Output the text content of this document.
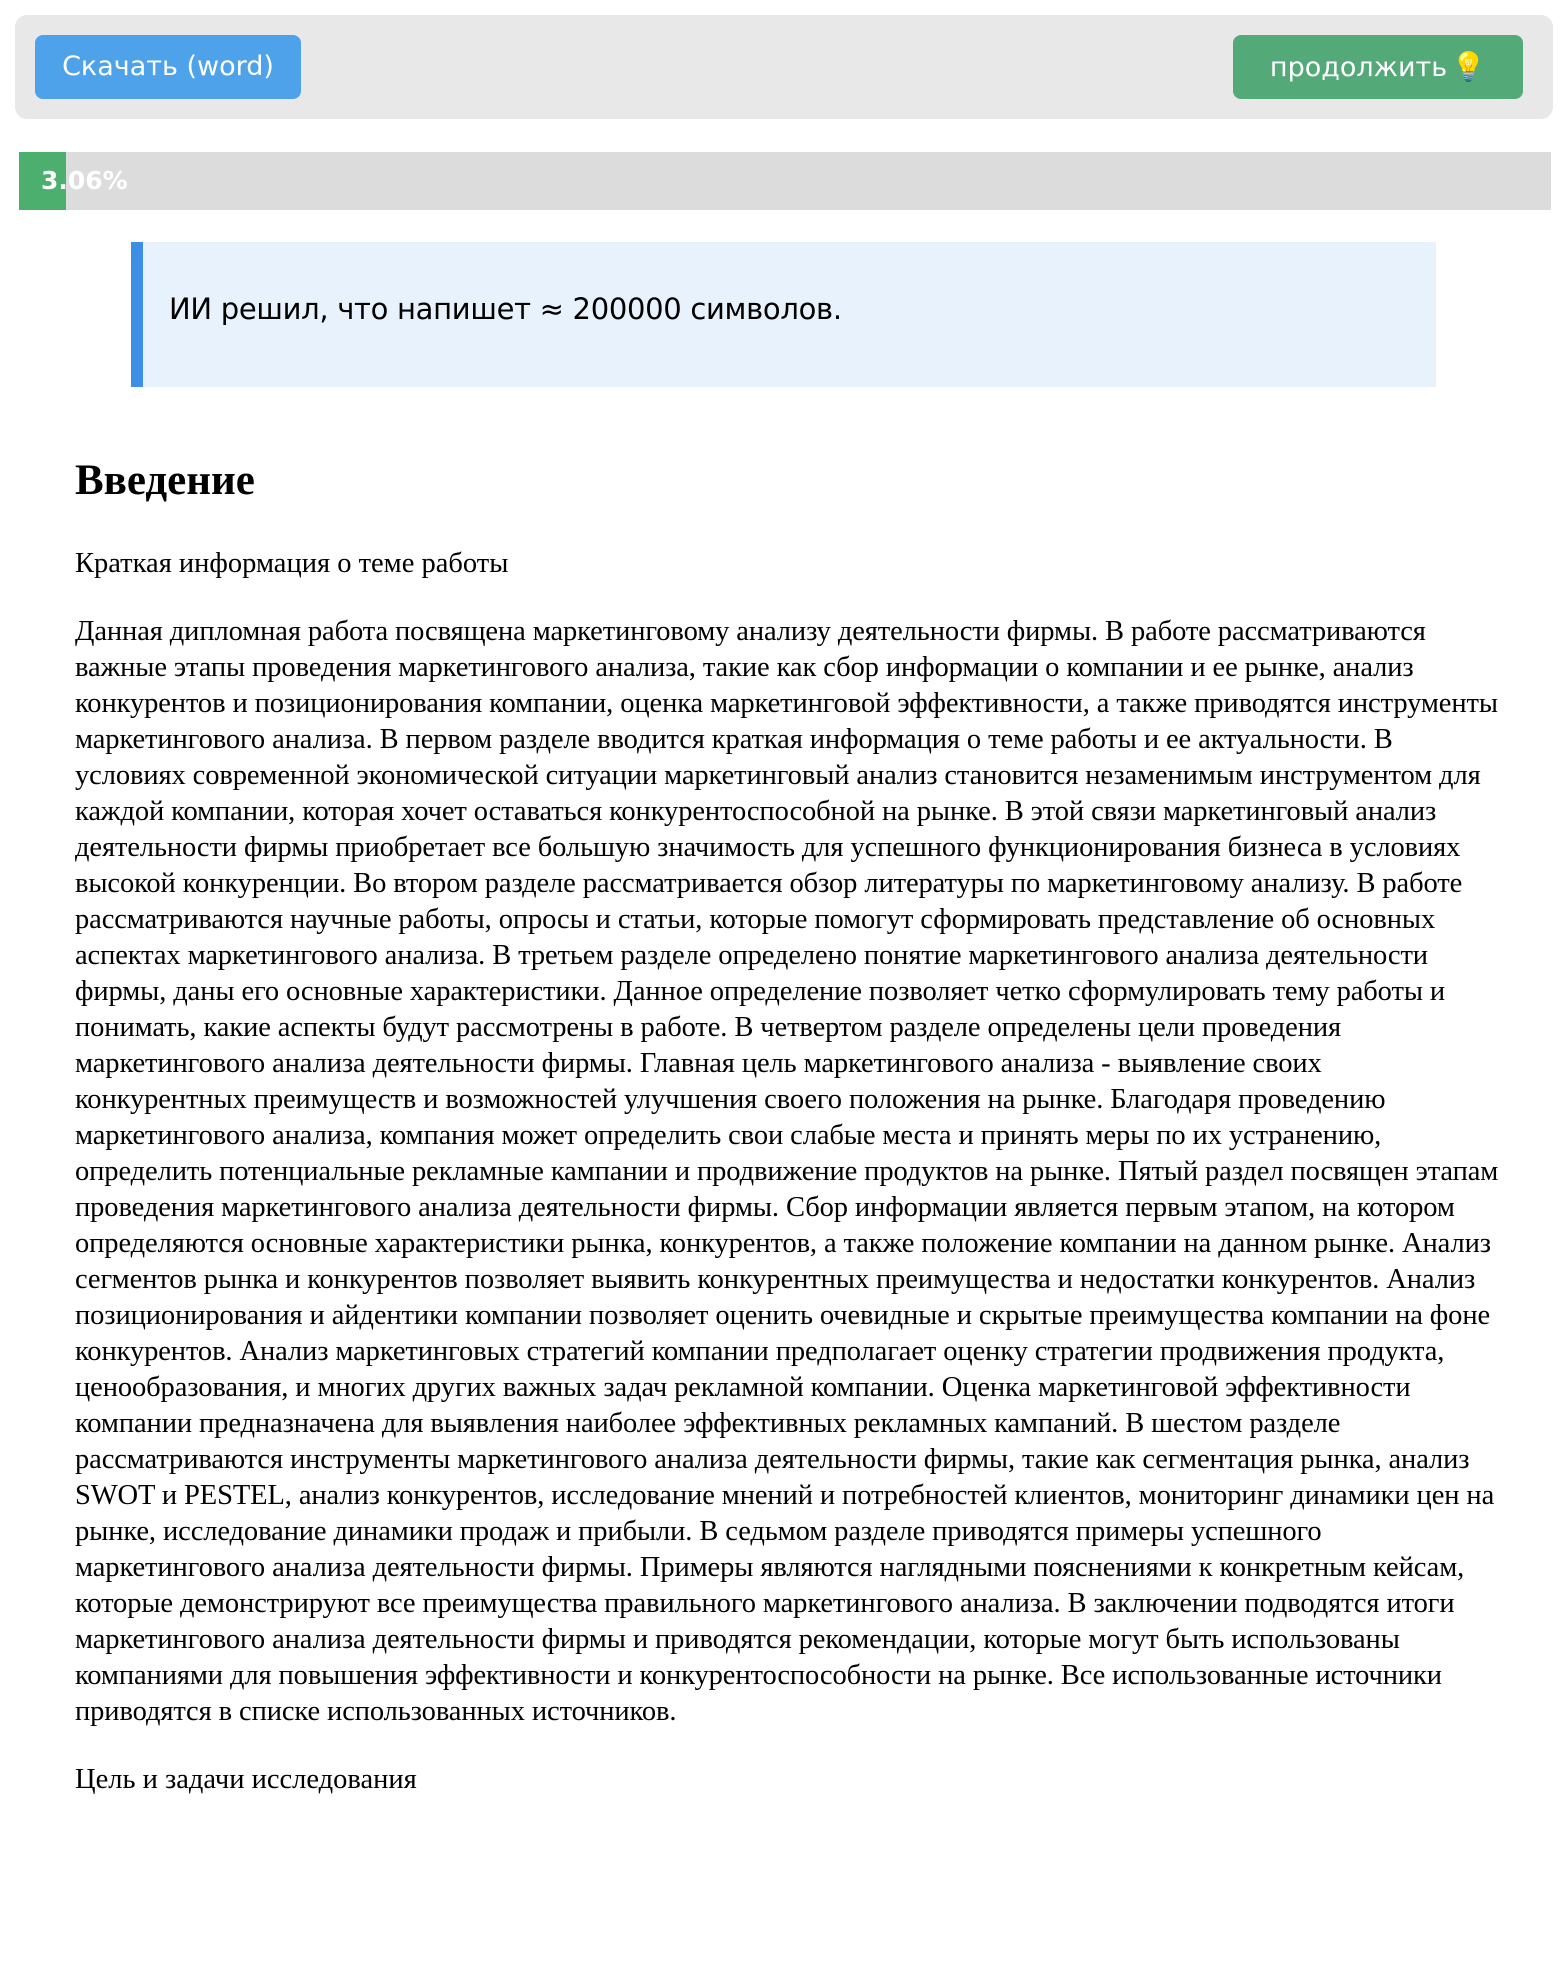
Скачать (word)	продолжить 💡
3.06%
ИИ решил, что напишет ≈ 200000 символов.
Введение

Краткая информация о теме работы

Данная дипломная работа посвящена маркетинговому анализу деятельности фирмы. В работе рассматриваются важные этапы проведения маркетингового анализа, такие как сбор информации о компании и ее рынке, анализ конкурентов и позиционирования компании, оценка маркетинговой эффективности, а также приводятся инструменты маркетингового анализа. В первом разделе вводится краткая информация о теме работы и ее актуальности. В условиях современной экономической ситуации маркетинговый анализ становится незаменимым инструментом для каждой компании, которая хочет оставаться конкурентоспособной на рынке. В этой связи маркетинговый анализ деятельности фирмы приобретает все большую значимость для успешного функционирования бизнеса в условиях высокой конкуренции. Во втором разделе рассматривается обзор литературы по маркетинговому анализу. В работе рассматриваются научные работы, опросы и статьи, которые помогут сформировать представление об основных аспектах маркетингового анализа. В третьем разделе определено понятие маркетингового анализа деятельности фирмы, даны его основные характеристики. Данное определение позволяет четко сформулировать тему работы и понимать, какие аспекты будут рассмотрены в работе. В четвертом разделе определены цели проведения маркетингового анализа деятельности фирмы. Главная цель маркетингового анализа - выявление своих конкурентных преимуществ и возможностей улучшения своего положения на рынке. Благодаря проведению маркетингового анализа, компания может определить свои слабые места и принять меры по их устранению, определить потенциальные рекламные кампании и продвижение продуктов на рынке. Пятый раздел посвящен этапам проведения маркетингового анализа деятельности фирмы. Сбор информации является первым этапом, на котором определяются основные характеристики рынка, конкурентов, а также положение компании на данном рынке. Анализ сегментов рынка и конкурентов позволяет выявить конкурентных преимущества и недостатки конкурентов. Анализ позиционирования и айдентики компании позволяет оценить очевидные и скрытые преимущества компании на фоне конкурентов. Анализ маркетинговых стратегий компании предполагает оценку стратегии продвижения продукта, ценообразования, и многих других важных задач рекламной компании. Оценка маркетинговой эффективности компании предназначена для выявления наиболее эффективных рекламных кампаний. В шестом разделе рассматриваются инструменты маркетингового анализа деятельности фирмы, такие как сегментация рынка, анализ SWOT и PESTEL, анализ конкурентов, исследование мнений и потребностей клиентов, мониторинг динамики цен на рынке, исследование динамики продаж и прибыли. В седьмом разделе приводятся примеры успешного маркетингового анализа деятельности фирмы. Примеры являются наглядными пояснениями к конкретным кейсам, которые демонстрируют все преимущества правильного маркетингового анализа. В заключении подводятся итоги маркетингового анализа деятельности фирмы и приводятся рекомендации, которые могут быть использованы компаниями для повышения эффективности и конкурентоспособности на рынке. Все использованные источники приводятся в списке использованных источников.

Цель и задачи исследования
